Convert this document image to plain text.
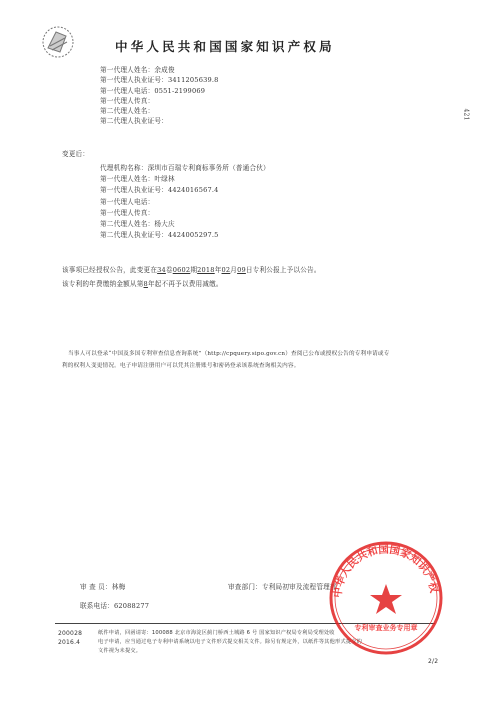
中华人民共和国国家知识产权局
421
第一代理人姓名：余成俊
第一代理人执业证号：3411205639.8
第一代理人电话：0551-2199069
第一代理人传真：
第二代理人姓名：
第二代理人执业证号：
变更后：
代理机构名称：深圳市百瑞专利商标事务所（普通合伙）
第一代理人姓名：叶绿林
第一代理人执业证号：4424016567.4
第一代理人电话：
第一代理人传真：
第二代理人姓名：杨大庆
第二代理人执业证号：4424005297.5
该事项已经授权公告，此变更在34卷0602期2018年02月09日专利公报上予以公告。
该专利的年费缴纳金额从第8年起不再予以费用减缴。
当事人可以登录“中国及多国专利审查信息查询系统”（http://cpquery.sipo.gov.cn）查阅已公布或授权公告的专利申请或专
利的权利人变更情况。电子申请注册用户可以凭其注册账号和密码登录该系统查询相关内容。
审 查 员：林梅	审查部门：专利局初审及流程管理部
联系电话：62088277
200028
2016.4
纸件申请，回函请寄：100088 北京市海淀区蓟门桥西土城路 6 号 国家知识产权局专利局受理处收
电子申请，应当通过电子专利申请系统以电子文件形式提交相关文件。除另有规定外，以纸件等其他形式提交的
文件视为未提交。
2/2
中华人民共和国国家知识产权
专利审查业务专用章
